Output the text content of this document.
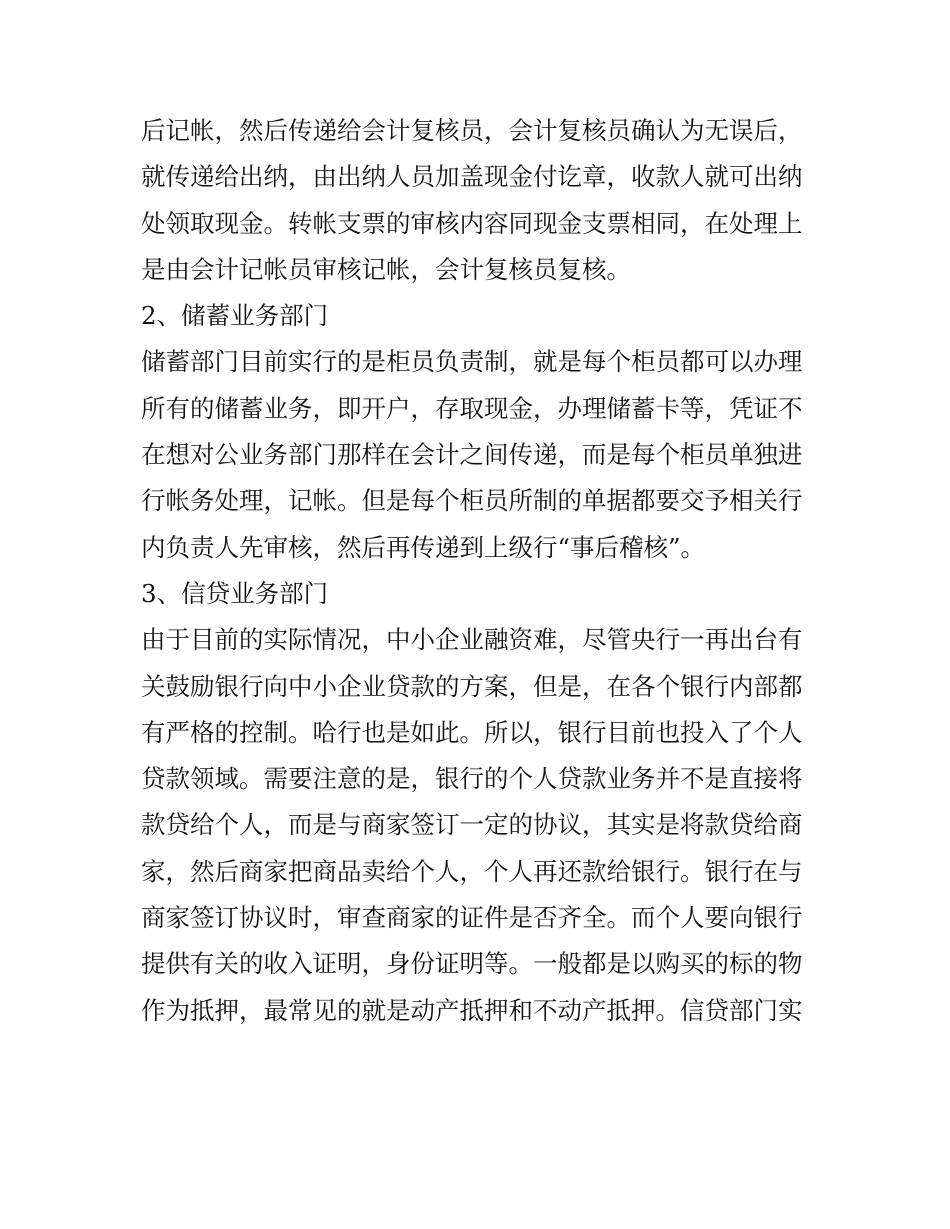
后记帐，然后传递给会计复核员，会计复核员确认为无误后，
就传递给出纳，由出纳人员加盖现金付讫章，收款人就可出纳
处领取现金。转帐支票的审核内容同现金支票相同，在处理上
是由会计记帐员审核记帐，会计复核员复核。
2、储蓄业务部门
储蓄部门目前实行的是柜员负责制，就是每个柜员都可以办理
所有的储蓄业务，即开户，存取现金，办理储蓄卡等，凭证不
在想对公业务部门那样在会计之间传递，而是每个柜员单独进
行帐务处理，记帐。但是每个柜员所制的单据都要交予相关行
内负责人先审核，然后再传递到上级行“事后稽核”。
3、信贷业务部门
由于目前的实际情况，中小企业融资难，尽管央行一再出台有
关鼓励银行向中小企业贷款的方案，但是，在各个银行内部都
有严格的控制。哈行也是如此。所以，银行目前也投入了个人
贷款领域。需要注意的是，银行的个人贷款业务并不是直接将
款贷给个人，而是与商家签订一定的协议，其实是将款贷给商
家，然后商家把商品卖给个人，个人再还款给银行。银行在与
商家签订协议时，审查商家的证件是否齐全。而个人要向银行
提供有关的收入证明，身份证明等。一般都是以购买的标的物
作为抵押，最常见的就是动产抵押和不动产抵押。信贷部门实
